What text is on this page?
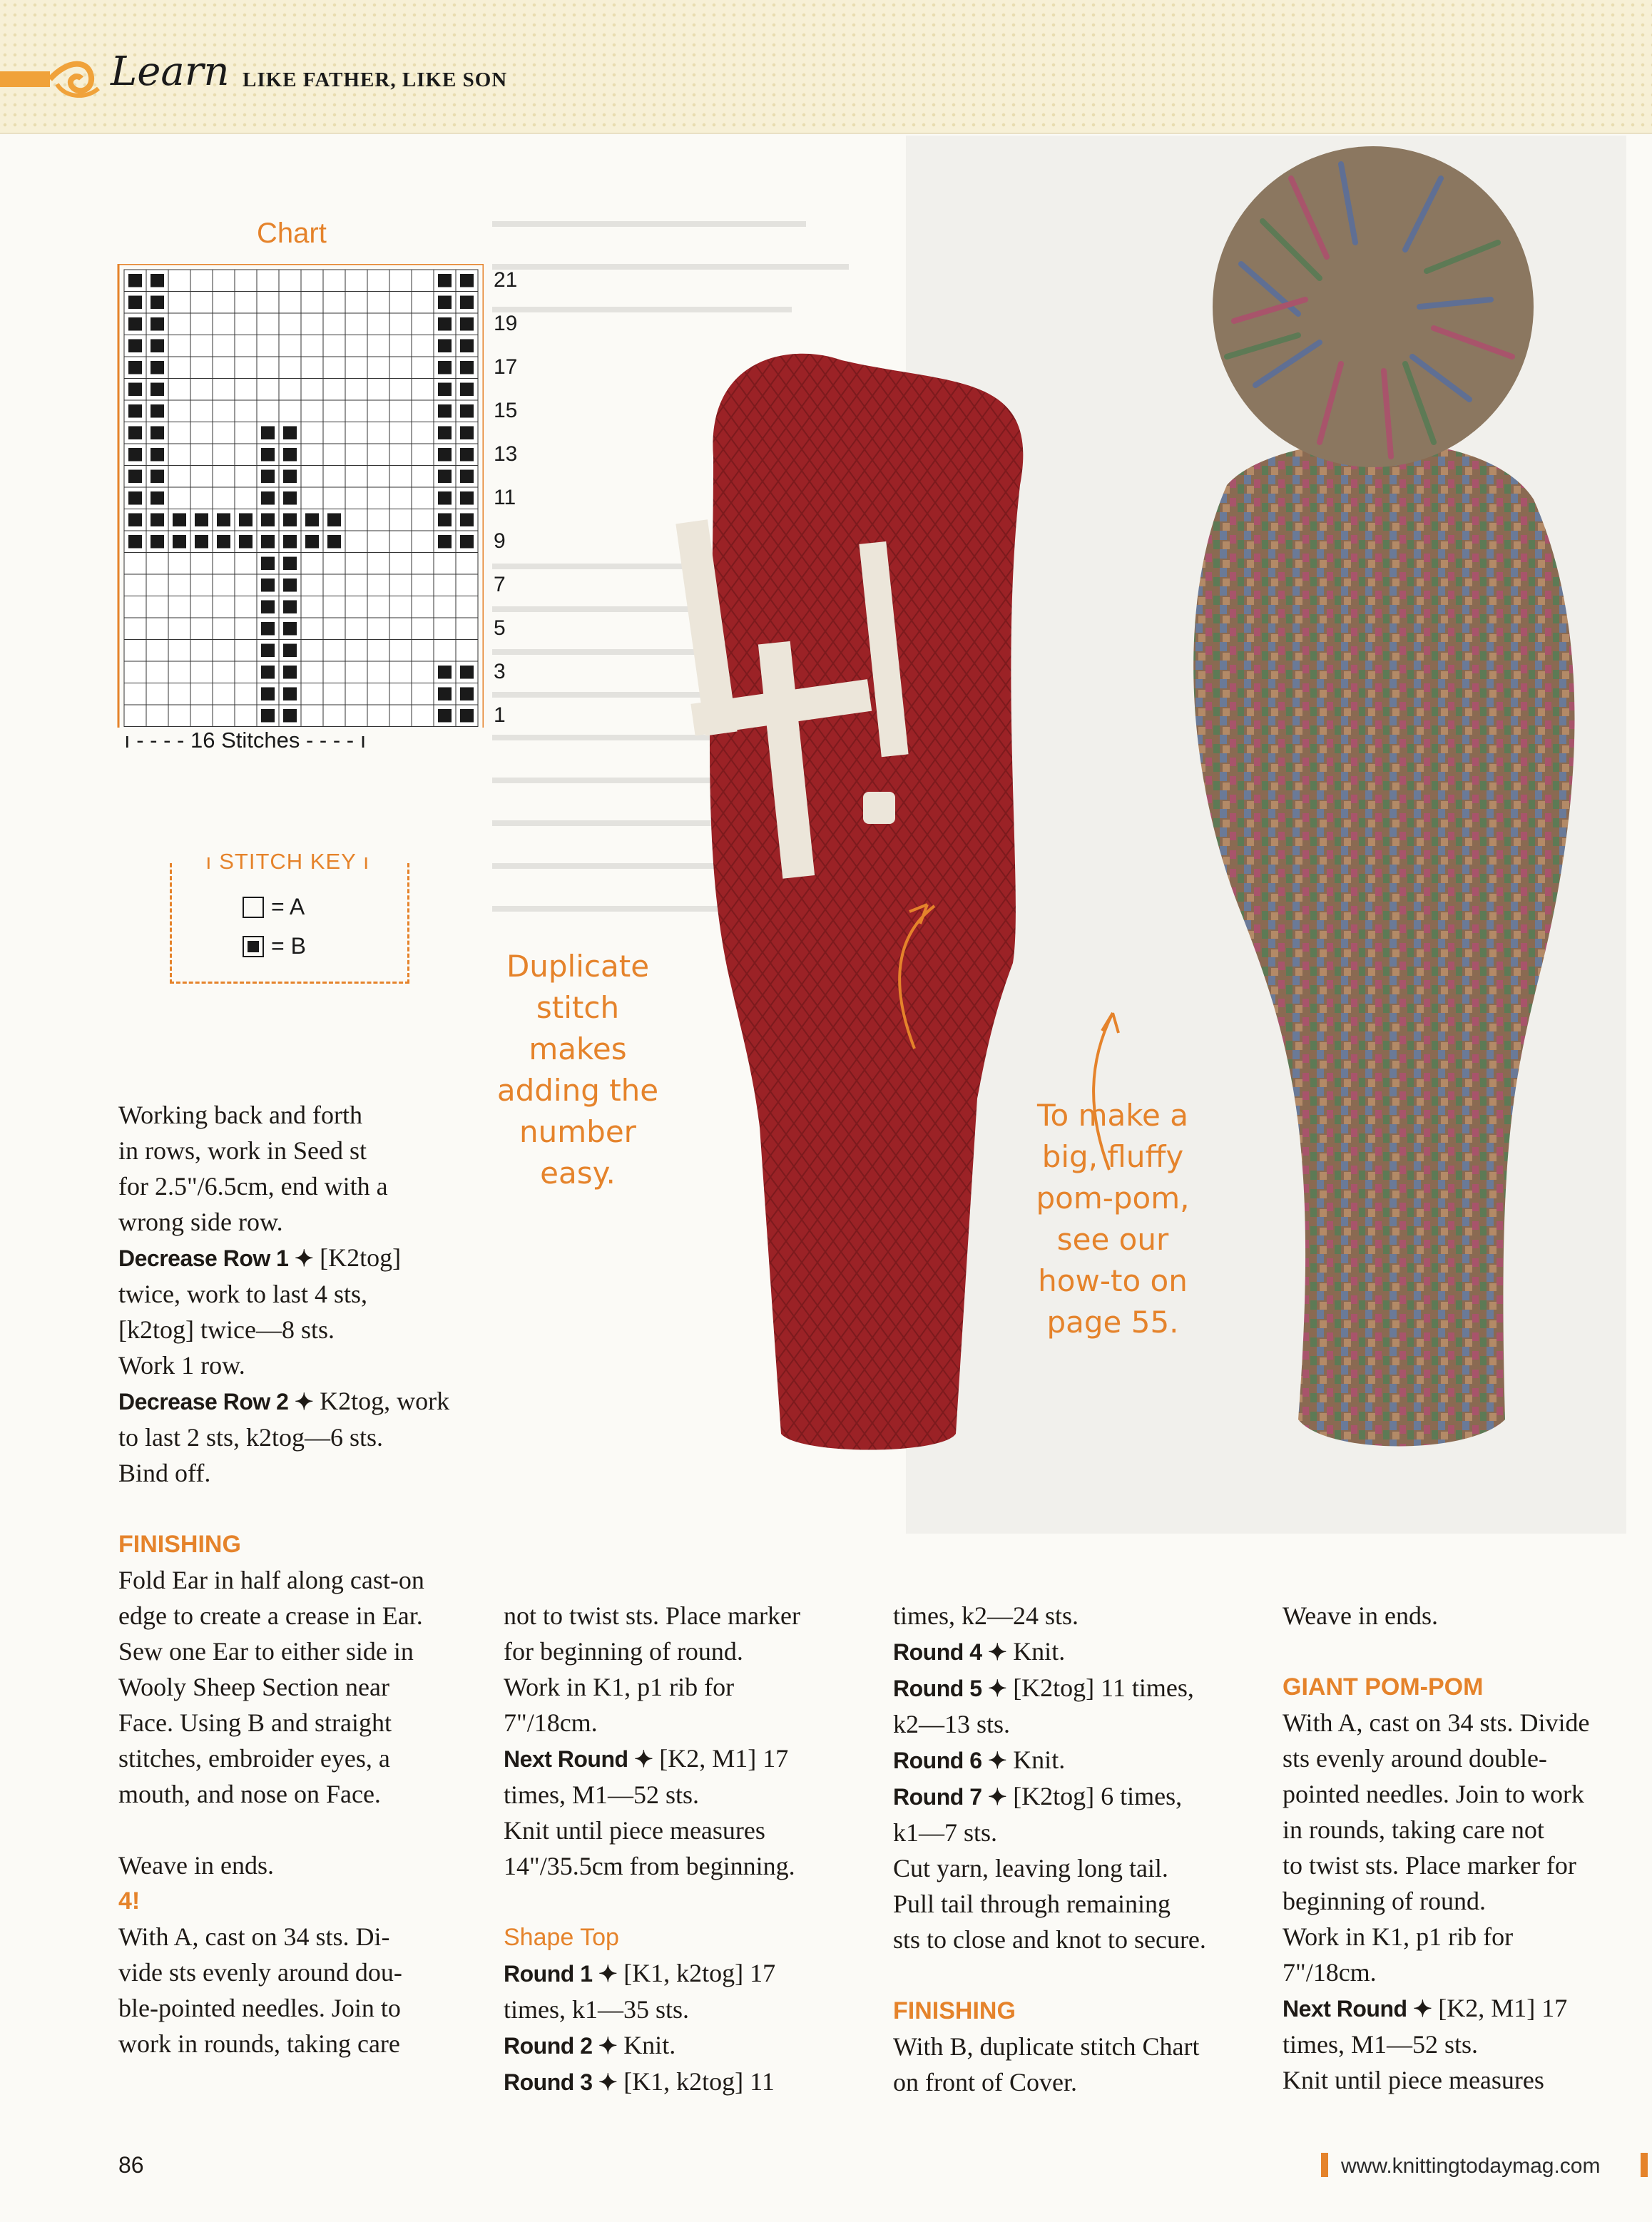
Learn LIKE FATHER, LIKE SON
Chart
21
19
17
15
13
11
9
7
5
3
1
ı - - - - 16 Stitches - - - - ı
ı STITCH KEY ı
= A
= B

Working back and forth

in rows, work in Seed st

for 2.5"/6.5cm, end with a

wrong side row.

Decrease Row 1 ✦ [K2tog]

twice, work to last 4 sts,

[k2tog] twice—8 sts.

Work 1 row.

Decrease Row 2 ✦ K2tog, work

to last 2 sts, k2tog—6 sts.

Bind off.

FINISHING

Fold Ear in half along cast-on

edge to create a crease in Ear.

Sew one Ear to either side in

Wooly Sheep Section near

Face. Using B and straight

stitches, embroider eyes, a

mouth, and nose on Face.

Weave in ends.

4!

With A, cast on 34 sts. Di-

vide sts evenly around dou-

ble-pointed needles. Join to

work in rounds, taking care

not to twist sts. Place marker

for beginning of round.

Work in K1, p1 rib for

7"/18cm.

Next Round ✦ [K2, M1] 17

times, M1—52 sts.

Knit until piece measures

14"/35.5cm from beginning.

Shape Top

Round 1 ✦ [K1, k2tog] 17

times, k1—35 sts.

Round 2 ✦ Knit.

Round 3 ✦ [K1, k2tog] 11

times, k2—24 sts.

Round 4 ✦ Knit.

Round 5 ✦ [K2tog] 11 times,

k2—13 sts.

Round 6 ✦ Knit.

Round 7 ✦ [K2tog] 6 times,

k1—7 sts.

Cut yarn, leaving long tail.

Pull tail through remaining

sts to close and knot to secure.

FINISHING

With B, duplicate stitch Chart

on front of Cover.

Weave in ends.

GIANT POM-POM

With A, cast on 34 sts. Divide

sts evenly around double-

pointed needles. Join to work

in rounds, taking care not

to twist sts. Place marker for

beginning of round.

Work in K1, p1 rib for

7"/18cm.

Next Round ✦ [K2, M1] 17

times, M1—52 sts.

Knit until piece measures

Duplicate
stitch
makes
adding the
number
easy.
To make a
big, fluffy
pom-pom,
see our
how-to on
page 55.
86	www.knittingtodaymag.com
